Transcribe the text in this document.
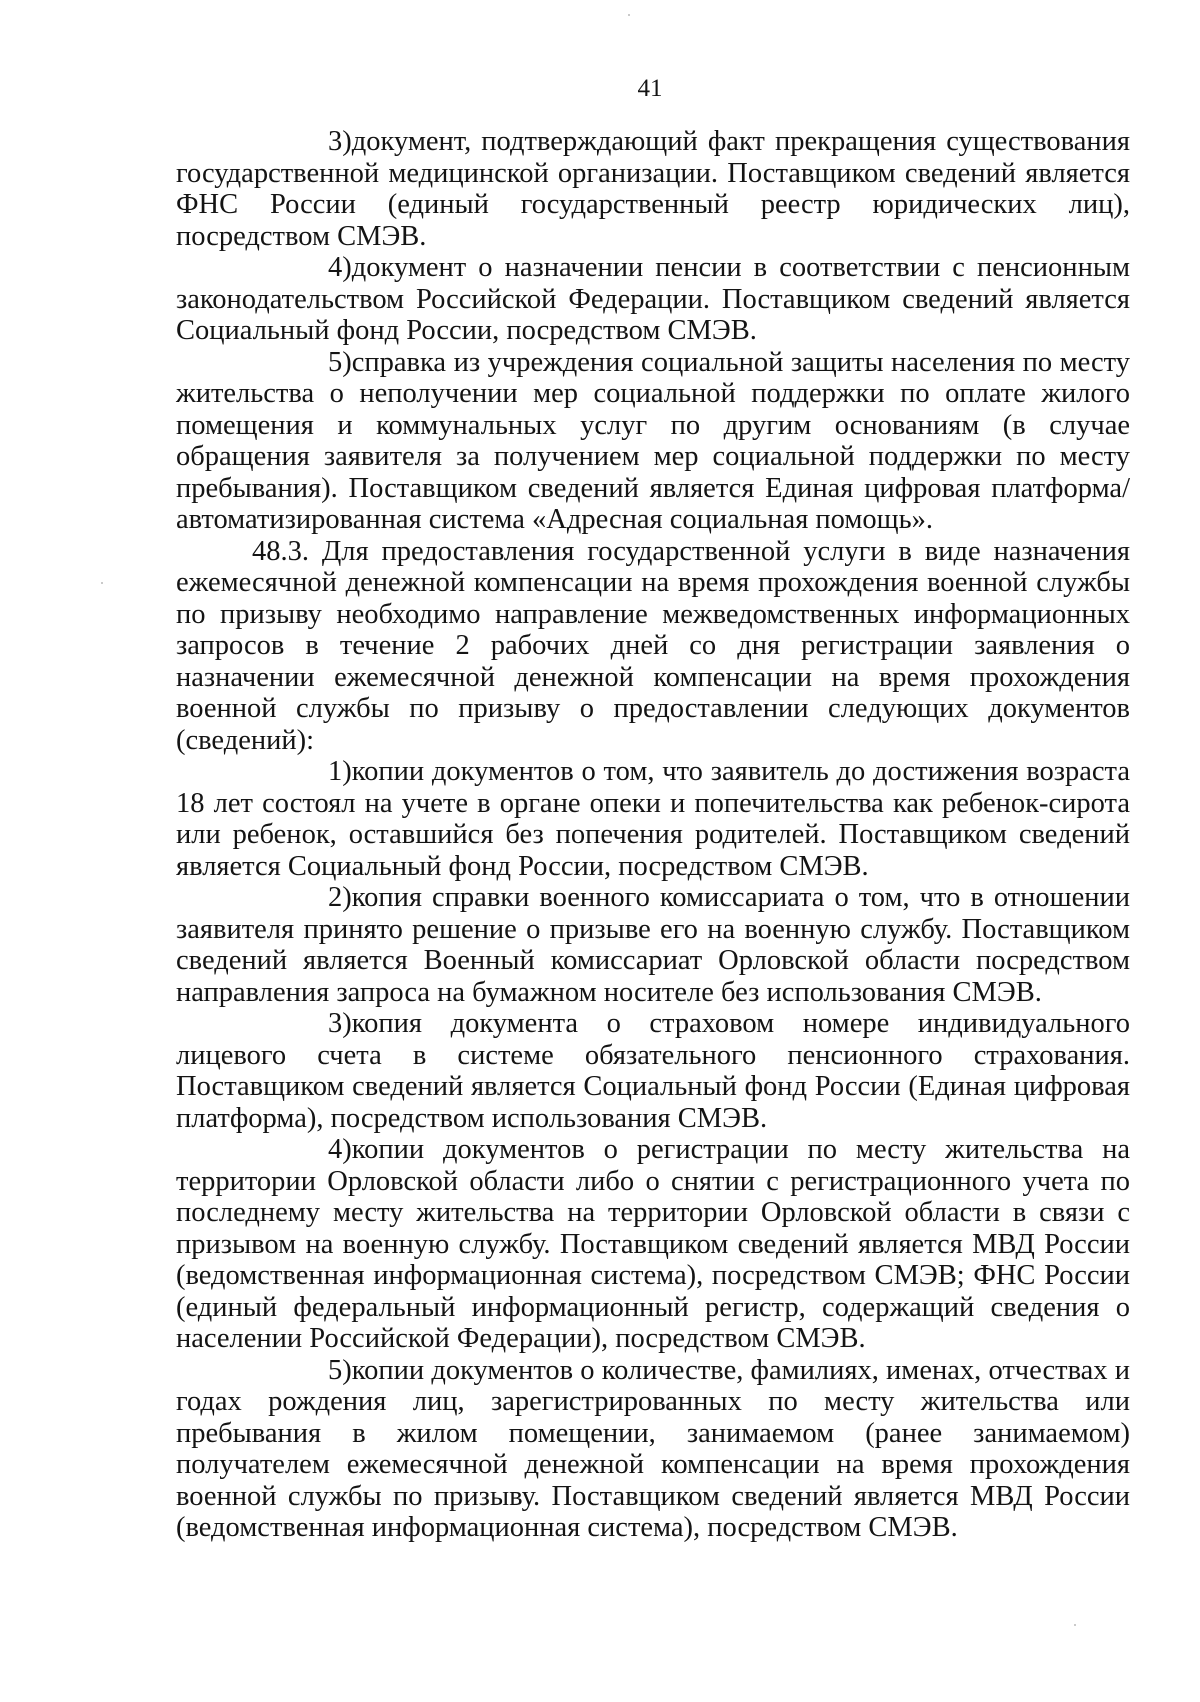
41

3)документ, подтверждающий факт прекращения существования государственной медицинской организации. Поставщиком сведений является ФНС России (единый государственный реестр юридических лиц), посредством СМЭВ.

4)документ о назначении пенсии в соответствии с пенсионным законодательством Российской Федерации. Поставщиком сведений является Социальный фонд России, посредством СМЭВ.

5)справка из учреждения социальной защиты населения по месту жительства о неполучении мер социальной поддержки по оплате жилого помещения и коммунальных услуг по другим основаниям (в случае обращения заявителя за получением мер социальной поддержки по месту пребывания). Поставщиком сведений является Единая цифровая платформа/ автоматизированная система «Адресная социальная помощь».

48.3. Для предоставления государственной услуги в виде назначения ежемесячной денежной компенсации на время прохождения военной службы по призыву необходимо направление межведомственных информационных запросов в течение 2 рабочих дней со дня регистрации заявления о назначении ежемесячной денежной компенсации на время прохождения военной службы по призыву о предоставлении следующих документов (сведений):

1)копии документов о том, что заявитель до достижения возраста 18 лет состоял на учете в органе опеки и попечительства как ребенок-сирота или ребенок, оставшийся без попечения родителей. Поставщиком сведений является Социальный фонд России, посредством СМЭВ.

2)копия справки военного комиссариата о том, что в отношении заявителя принято решение о призыве его на военную службу. Поставщиком сведений является Военный комиссариат Орловской области посредством направления запроса на бумажном носителе без использования СМЭВ.

3)копия документа о страховом номере индивидуального лицевого счета в системе обязательного пенсионного страхования. Поставщиком сведений является Социальный фонд России (Единая цифровая платформа), посредством использования СМЭВ.

4)копии документов о регистрации по месту жительства на территории Орловской области либо о снятии с регистрационного учета по последнему месту жительства на территории Орловской области в связи с призывом на военную службу. Поставщиком сведений является МВД России (ведомственная информационная система), посредством СМЭВ; ФНС России (единый федеральный информационный регистр, содержащий сведения о населении Российской Федерации), посредством СМЭВ.

5)копии документов о количестве, фамилиях, именах, отчествах и годах рождения лиц, зарегистрированных по месту жительства или пребывания в жилом помещении, занимаемом (ранее занимаемом) получателем ежемесячной денежной компенсации на время прохождения военной службы по призыву. Поставщиком сведений является МВД России (ведомственная информационная система), посредством СМЭВ.
